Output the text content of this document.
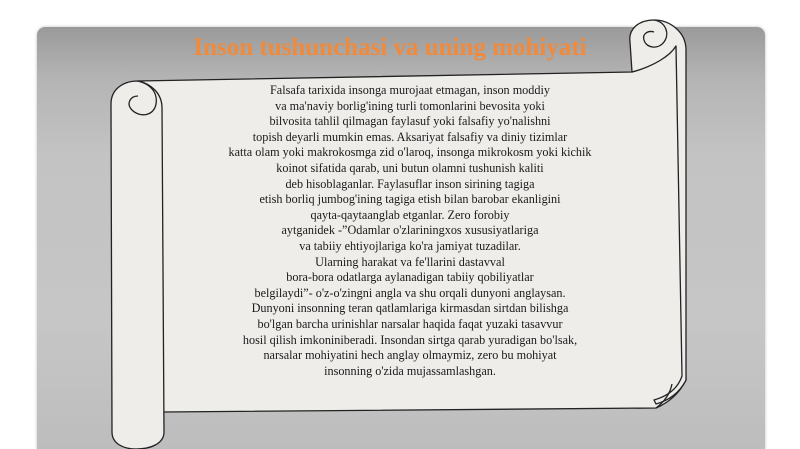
Inson tushunchasi va uning mohiyati
Falsafa tarixida insonga murojaat etmagan, inson moddiy
va ma'naviy borlig'ining turli tomonlarini bevosita yoki
bilvosita tahlil qilmagan faylasuf yoki falsafiy yo'nalishni
topish deyarli mumkin emas. Aksariyat falsafiy va diniy tizimlar
katta olam yoki makrokosmga zid o'laroq, insonga mikrokosm yoki kichik
koinot sifatida qarab, uni butun olamni tushunish kaliti
deb hisoblaganlar. Faylasuflar inson sirining tagiga
etish borliq jumbog'ining tagiga etish bilan barobar ekanligini
qayta-qaytaanglab etganlar. Zero forobiy
aytganidek -”Odamlar o'zlariningxos xususiyatlariga
va tabiiy ehtiyojlariga ko'ra jamiyat tuzadilar.
Ularning harakat va fe'llarini dastavval
bora-bora odatlarga aylanadigan tabiiy qobiliyatlar
belgilaydi”- o'z-o'zingni angla va shu orqali dunyoni anglaysan.
Dunyoni insonning teran qatlamlariga kirmasdan sirtdan bilishga
bo'lgan barcha urinishlar narsalar haqida faqat yuzaki tasavvur
hosil qilish imkoniniberadi. Insondan sirtga qarab yuradigan bo'lsak,
narsalar mohiyatini hech anglay olmaymiz, zero bu mohiyat
insonning o'zida mujassamlashgan.
